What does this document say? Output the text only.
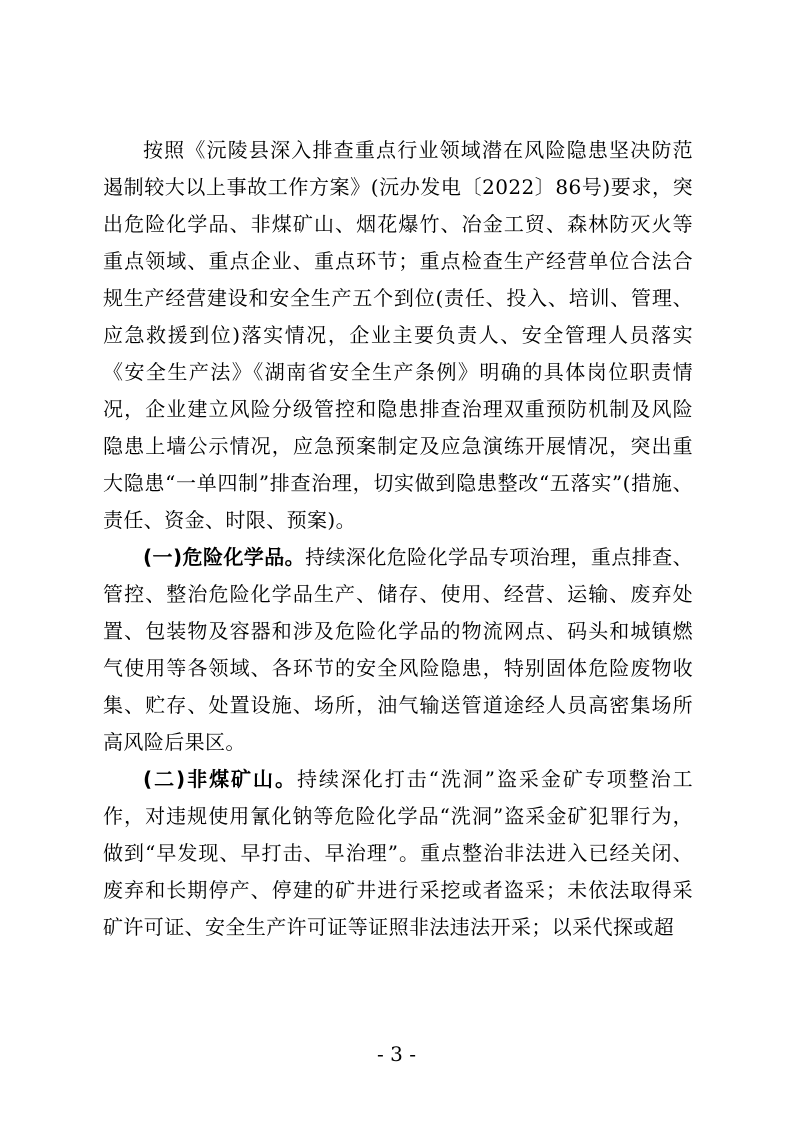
按照《沅陵县深入排查重点行业领域潜在风险隐患坚决防范遏制较大以上事故工作方案》(沅办发电〔2022〕86号)要求，突出危险化学品、非煤矿山、烟花爆竹、冶金工贸、森林防灭火等重点领域、重点企业、重点环节；重点检查生产经营单位合法合规生产经营建设和安全生产五个到位(责任、投入、培训、管理、应急救援到位)落实情况，企业主要负责人、安全管理人员落实《安全生产法》《湖南省安全生产条例》明确的具体岗位职责情况，企业建立风险分级管控和隐患排查治理双重预防机制及风险隐患上墙公示情况，应急预案制定及应急演练开展情况，突出重大隐患“一单四制”排查治理，切实做到隐患整改“五落实”(措施、责任、资金、时限、预案)。

(一)危险化学品。持续深化危险化学品专项治理，重点排查、管控、整治危险化学品生产、储存、使用、经营、运输、废弃处置、包装物及容器和涉及危险化学品的物流网点、码头和城镇燃气使用等各领域、各环节的安全风险隐患，特别固体危险废物收集、贮存、处置设施、场所，油气输送管道途经人员高密集场所高风险后果区。

(二)非煤矿山。持续深化打击“洗洞”盗采金矿专项整治工作，对违规使用氰化钠等危险化学品“洗洞”盗采金矿犯罪行为，做到“早发现、早打击、早治理”。重点整治非法进入已经关闭、废弃和长期停产、停建的矿井进行采挖或者盗采；未依法取得采矿许可证、安全生产许可证等证照非法违法开采；以采代探或超

- 3 -
